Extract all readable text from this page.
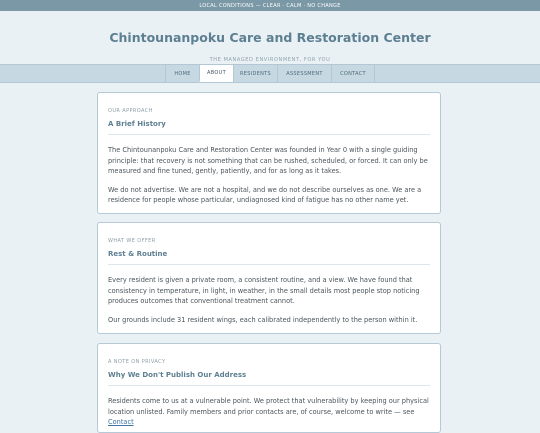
LOCAL CONDITIONS — CLEAR · CALM · NO CHANGE
Chintounanpoku Care and Restoration Center
THE MANAGED ENVIRONMENT, FOR YOU
HOME	ABOUT	RESIDENTS	ASSESSMENT	CONTACT
OUR APPROACH
A Brief History

The Chintounanpoku Care and Restoration Center was founded in Year 0 with a single guiding principle: that recovery is not something that can be rushed, scheduled, or forced. It can only be measured and fine tuned, gently, patiently, and for as long as it takes.

We do not advertise. We are not a hospital, and we do not describe ourselves as one. We are a residence for people whose particular, undiagnosed kind of fatigue has no other name yet.

WHAT WE OFFER
Rest & Routine

Every resident is given a private room, a consistent routine, and a view. We have found that consistency in temperature, in light, in weather, in the small details most people stop noticing produces outcomes that conventional treatment cannot.

Our grounds include 31 resident wings, each calibrated independently to the person within it.

A NOTE ON PRIVACY
Why We Don't Publish Our Address

Residents come to us at a vulnerable point. We protect that vulnerability by keeping our physical location unlisted. Family members and prior contacts are, of course, welcome to write — see Contact
